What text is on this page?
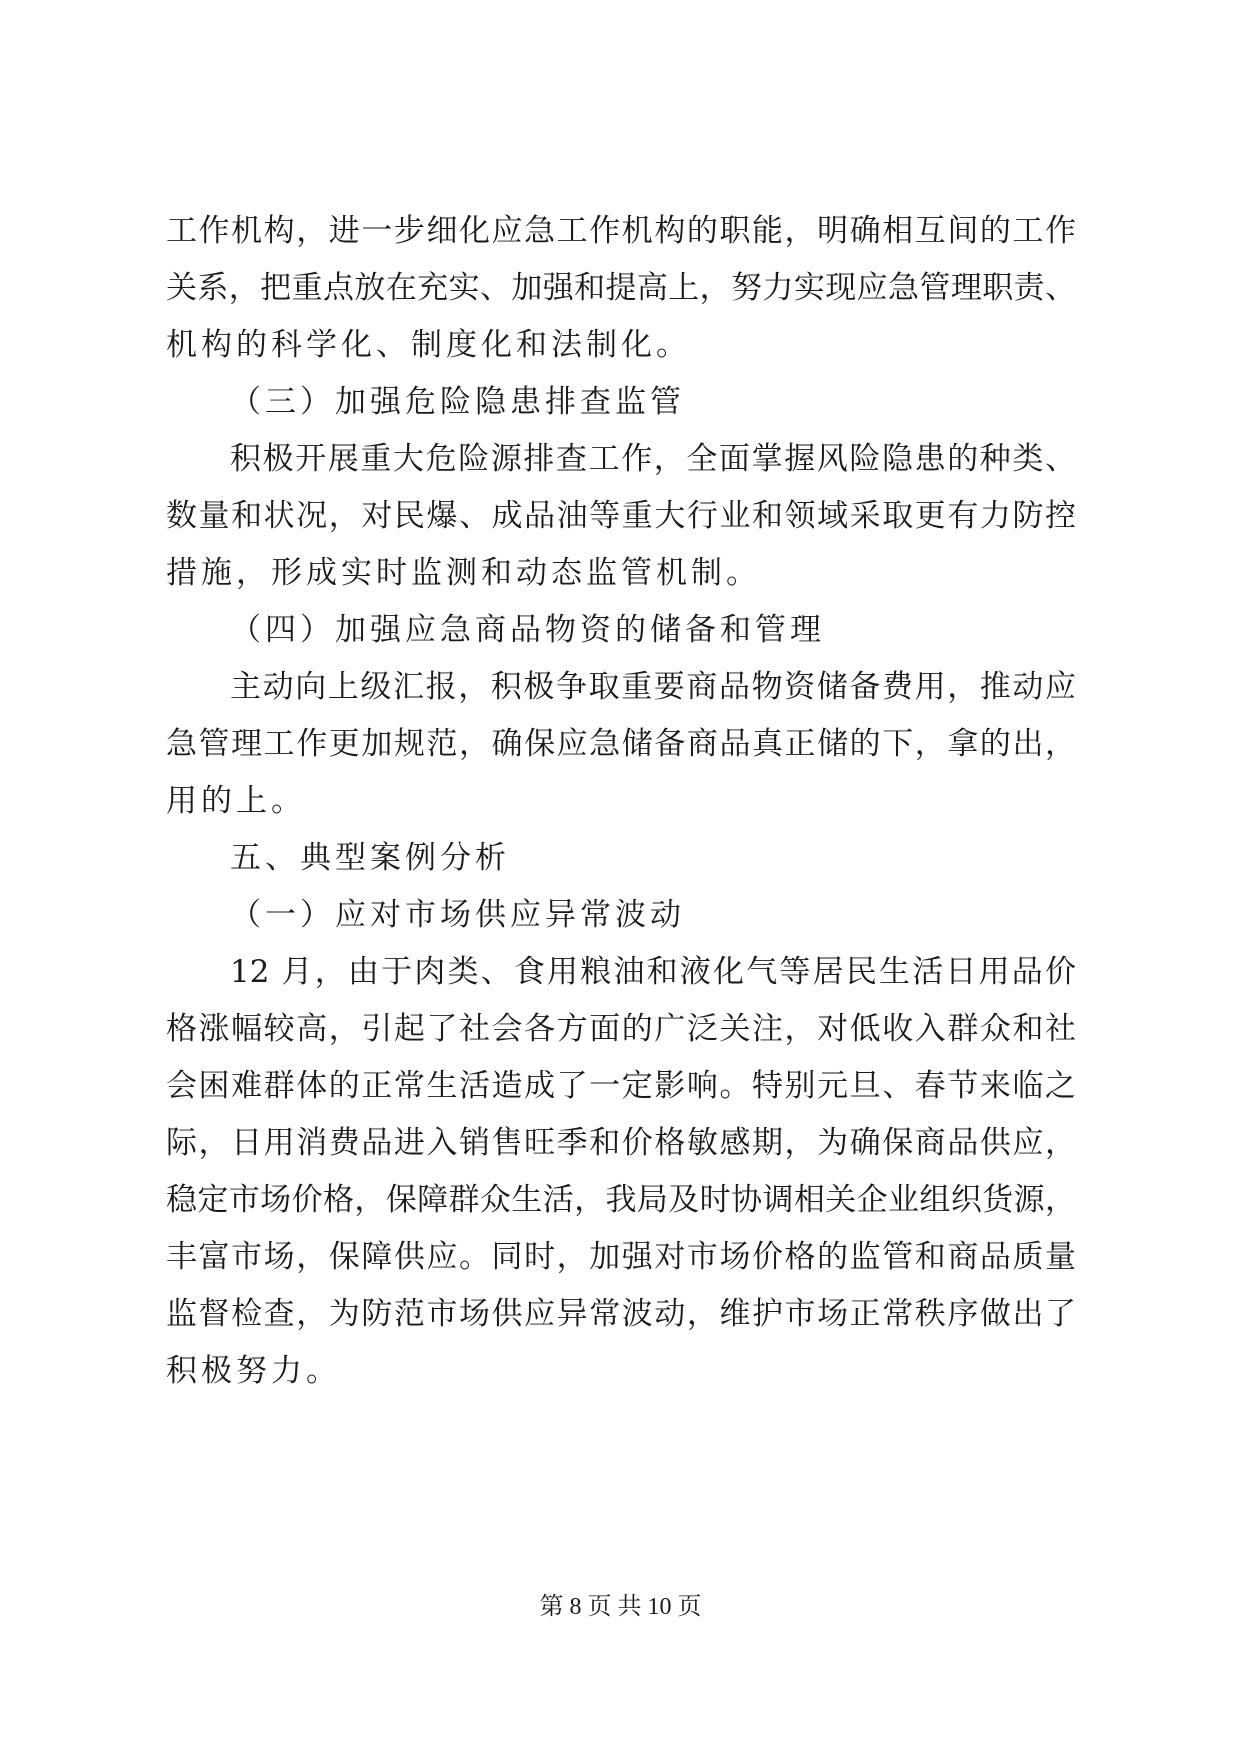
工作机构，进一步细化应急工作机构的职能，明确相互间的工作

关系，把重点放在充实、加强和提高上，努力实现应急管理职责、

机构的科学化、制度化和法制化。

（三）加强危险隐患排查监管

积极开展重大危险源排查工作，全面掌握风险隐患的种类、

数量和状况，对民爆、成品油等重大行业和领域采取更有力防控

措施，形成实时监测和动态监管机制。

（四）加强应急商品物资的储备和管理

主动向上级汇报，积极争取重要商品物资储备费用，推动应

急管理工作更加规范，确保应急储备商品真正储的下，拿的出，

用的上。

五、典型案例分析

（一）应对市场供应异常波动

12 月，由于肉类、食用粮油和液化气等居民生活日用品价

格涨幅较高，引起了社会各方面的广泛关注，对低收入群众和社

会困难群体的正常生活造成了一定影响。特别元旦、春节来临之

际，日用消费品进入销售旺季和价格敏感期，为确保商品供应，

稳定市场价格，保障群众生活，我局及时协调相关企业组织货源，

丰富市场，保障供应。同时，加强对市场价格的监管和商品质量

监督检查，为防范市场供应异常波动，维护市场正常秩序做出了

积极努力。

第 8 页 共 10 页
